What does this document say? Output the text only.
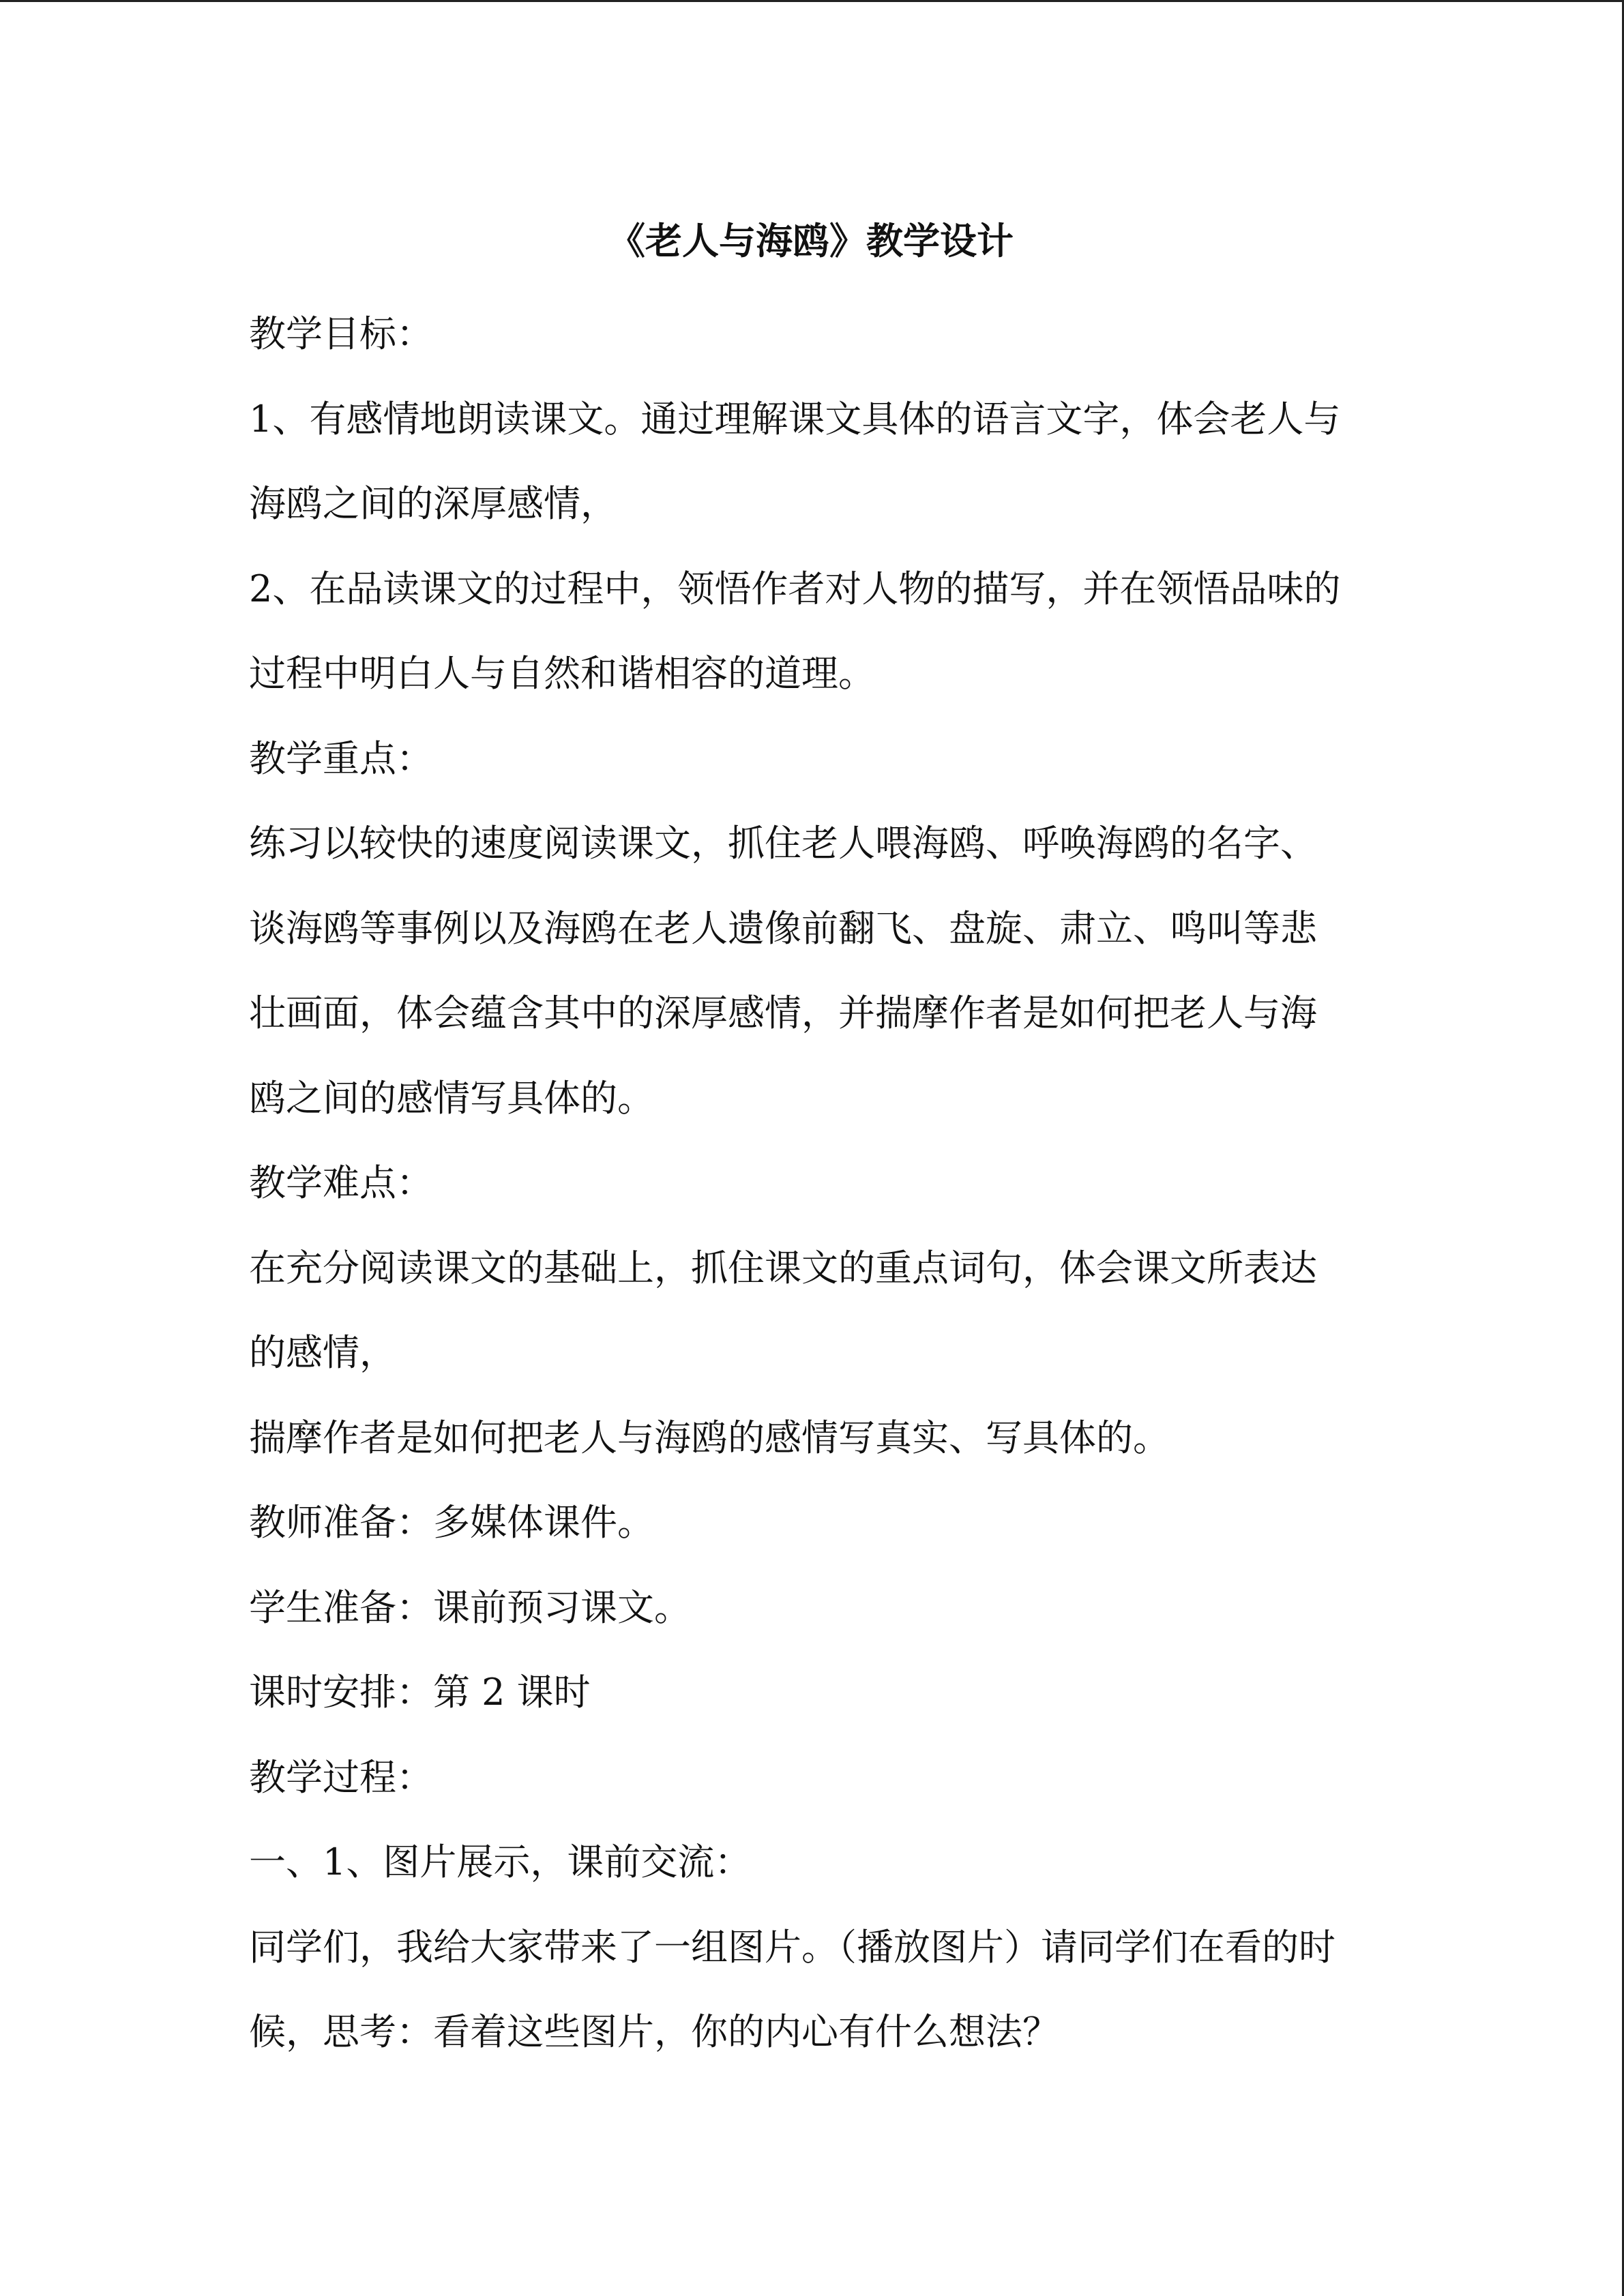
《老人与海鸥》教学设计
教学目标：
1、有感情地朗读课文。通过理解课文具体的语言文字，体会老人与
海鸥之间的深厚感情，
2、在品读课文的过程中，领悟作者对人物的描写，并在领悟品味的
过程中明白人与自然和谐相容的道理。
教学重点：
练习以较快的速度阅读课文，抓住老人喂海鸥、呼唤海鸥的名字、
谈海鸥等事例以及海鸥在老人遗像前翻飞、盘旋、肃立、鸣叫等悲
壮画面，体会蕴含其中的深厚感情，并揣摩作者是如何把老人与海
鸥之间的感情写具体的。
教学难点：
在充分阅读课文的基础上，抓住课文的重点词句，体会课文所表达
的感情，
揣摩作者是如何把老人与海鸥的感情写真实、写具体的。
教师准备：多媒体课件。
学生准备：课前预习课文。
课时安排：第 2 课时
教学过程：
一、1、图片展示，课前交流：
同学们，我给大家带来了一组图片。（播放图片）请同学们在看的时
候，思考：看着这些图片，你的内心有什么想法？
